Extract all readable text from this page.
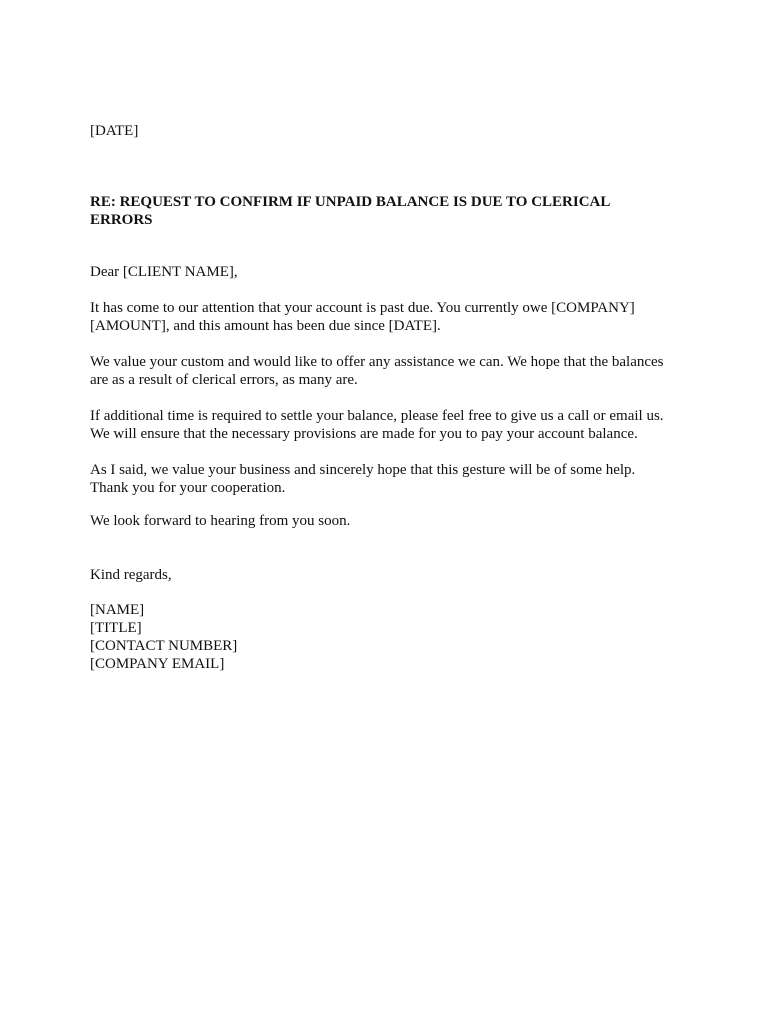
[DATE]

RE: REQUEST TO CONFIRM IF UNPAID BALANCE IS DUE TO CLERICAL ERRORS

Dear [CLIENT NAME],

It has come to our attention that your account is past due. You currently owe [COMPANY]
[AMOUNT], and this amount has been due since [DATE].

We value your custom and would like to offer any assistance we can. We hope that the balances
are as a result of clerical errors, as many are.

If additional time is required to settle your balance, please feel free to give us a call or email us.
We will ensure that the necessary provisions are made for you to pay your account balance.

As I said, we value your business and sincerely hope that this gesture will be of some help.
Thank you for your cooperation.

We look forward to hearing from you soon.

Kind regards,

[NAME]
[TITLE]
[CONTACT NUMBER]
[COMPANY EMAIL]
